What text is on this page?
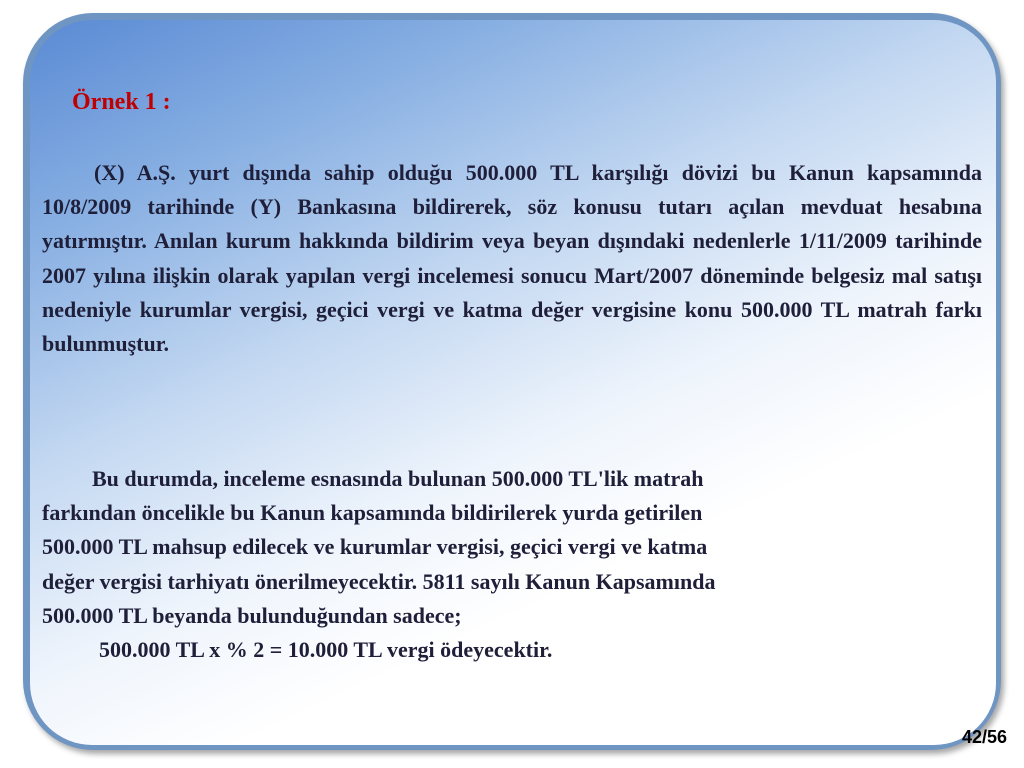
Örnek 1 :

(X) A.Ş. yurt dışında sahip olduğu 500.000 TL karşılığı dövizi bu Kanun kapsamında 10/8/2009 tarihinde (Y) Bankasına bildirerek, söz konusu tutarı açılan mevduat hesabına yatırmıştır. Anılan kurum hakkında bildirim veya beyan dışındaki nedenlerle 1/11/2009 tarihinde 2007 yılına ilişkin olarak yapılan vergi incelemesi sonucu Mart/2007 döneminde belgesiz mal satışı nedeniyle kurumlar vergisi, geçici vergi ve katma değer vergisine konu 500.000 TL matrah farkı bulunmuştur.

Bu durumda, inceleme esnasında bulunan 500.000 TL'lik matrah
farkından öncelikle bu Kanun kapsamında bildirilerek yurda getirilen
500.000 TL mahsup edilecek ve kurumlar vergisi, geçici vergi ve katma
değer vergisi tarhiyatı önerilmeyecektir. 5811 sayılı Kanun Kapsamında
500.000 TL beyanda bulunduğundan sadece;
500.000 TL x % 2 = 10.000 TL vergi ödeyecektir.

42/56
